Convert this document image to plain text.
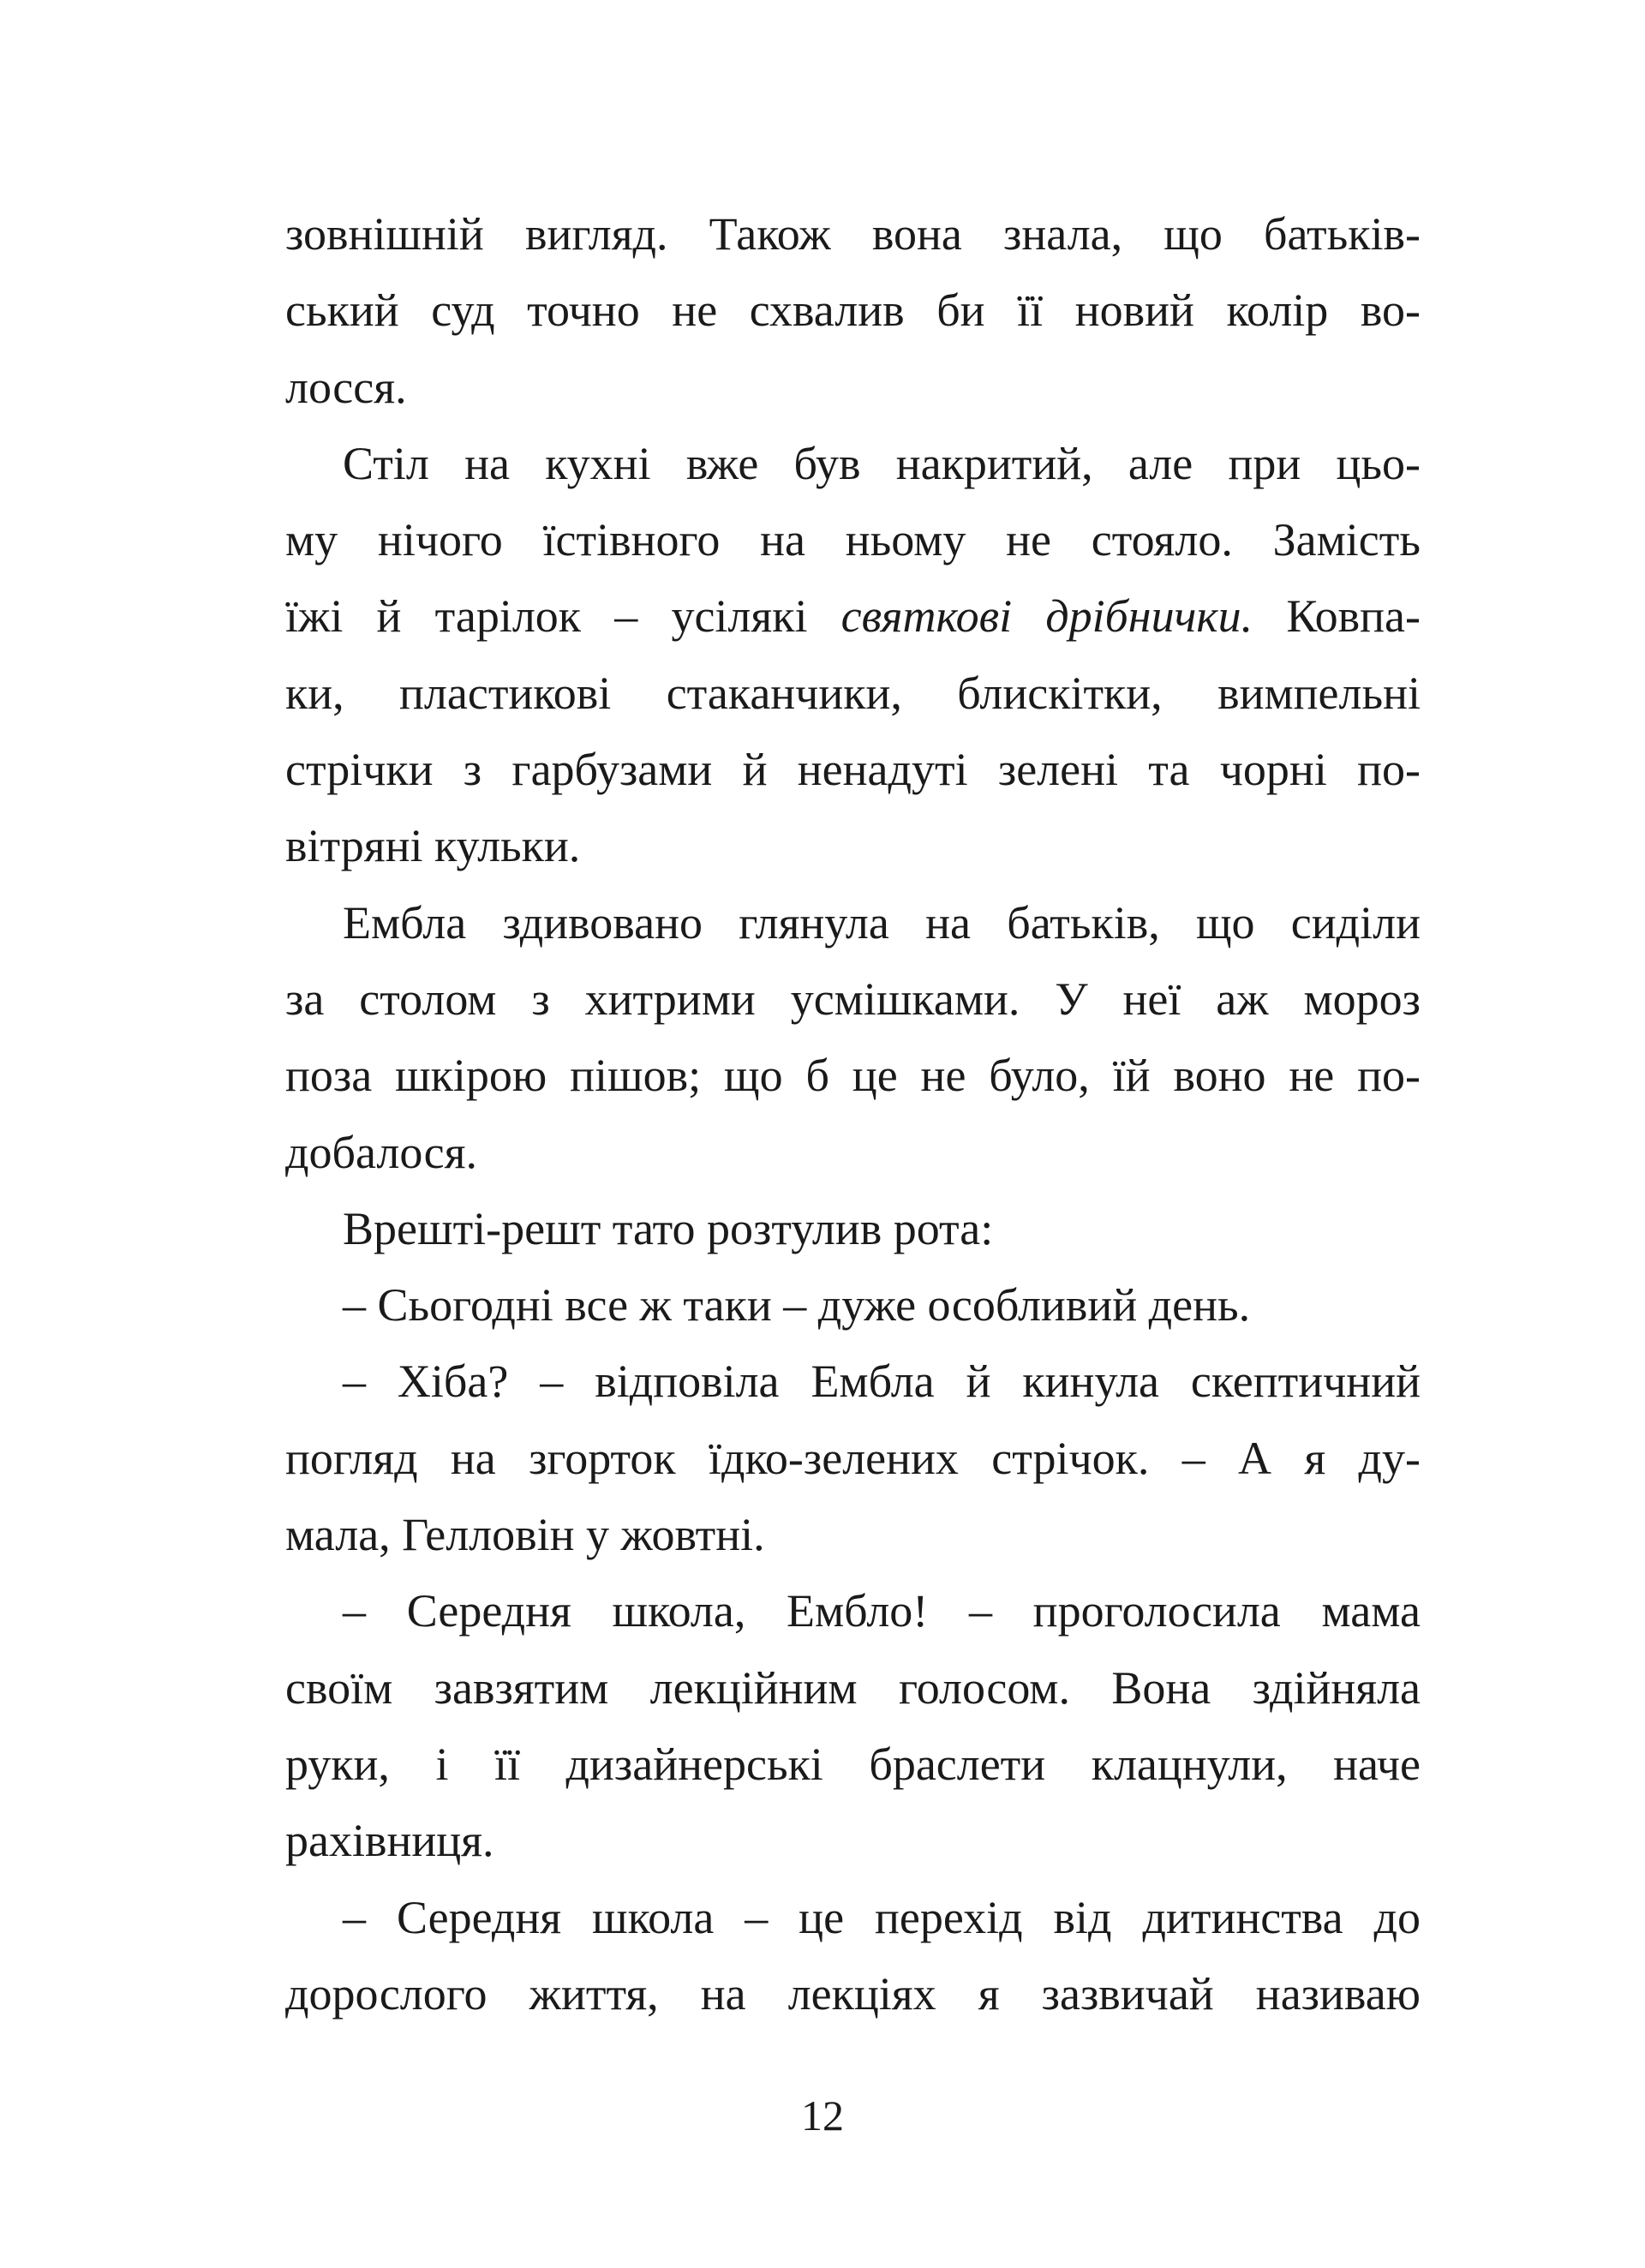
зовнішній вигляд. Також вона знала, що батьків-
ський суд точно не схвалив би її новий колір во-
лосся.
Стіл на кухні вже був накритий, але при цьо-
му нічого їстівного на ньому не стояло. Замість
їжі й тарілок – усілякі святкові дрібнички. Ковпа-
ки, пластикові стаканчики, блискітки, вимпельні
стрічки з гарбузами й ненадуті зелені та чорні по-
вітряні кульки.
Ембла здивовано глянула на батьків, що сиділи
за столом з хитрими усмішками. У неї аж мороз
поза шкірою пішов; що б це не було, їй воно не по-
добалося.
Врешті-решт тато розтулив рота:
– Сьогодні все ж таки – дуже особливий день.
– Хіба? – відповіла Ембла й кинула скептичний
погляд на згорток їдко-зелених стрічок. – А я ду-
мала, Гелловін у жовтні.
– Середня школа, Ембло! – проголосила мама
своїм завзятим лекційним голосом. Вона здійняла
руки, і її дизайнерські браслети клацнули, наче
рахівниця.
– Середня школа – це перехід від дитинства до
дорослого життя, на лекціях я зазвичай називаю
12
